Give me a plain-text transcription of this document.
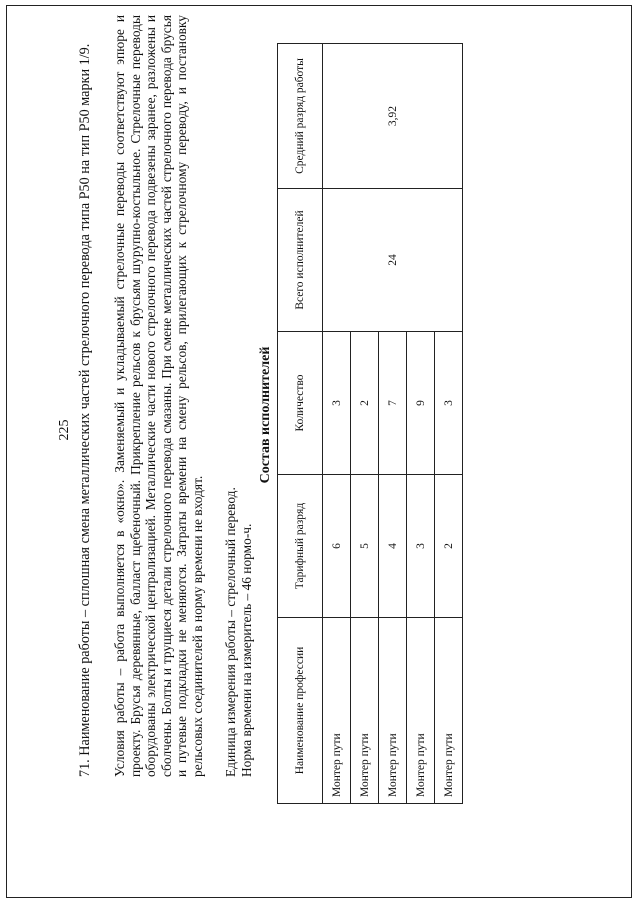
225 71. Наименование работы – сплошная смена металлических частей стрелочного перевода типа Р50 на тип Р50 марки 1/9. Условия работы – работа выполняется в «окно». Заменяемый и укладываемый стрелочные переводы соответствуют эпюре и проекту. Брусья деревянные, балласт щебеночный. Прикрепление рельсов к брусьям шурупно-костыльное. Стрелочные переводы оборудованы электрической централизацией. Металлические части нового стрелочного перевода подвезены заранее, разложены и сболчены. Болты и трущиеся детали стрелочного перевода смазаны. При смене металлических частей стрелочного перевода брусья и путевые подкладки не меняются. Затраты времени на смену рельсов, прилегающих к стрелочному переводу, и постановку рельсовых соединителей в норму времени не входят. Единица измерения работы – стрелочный перевод. Норма времени на измеритель – 46 нормо-ч.

Состав исполнителей
Наименование профессии	Тарифный разряд	Количество	Всего исполнителей	Средний разряд работы
Монтер пути	6	3	24	3,92
Монтер пути	5	2		
Монтер пути	4	7		
Монтер пути	3	9		
Монтер пути	2	3		
